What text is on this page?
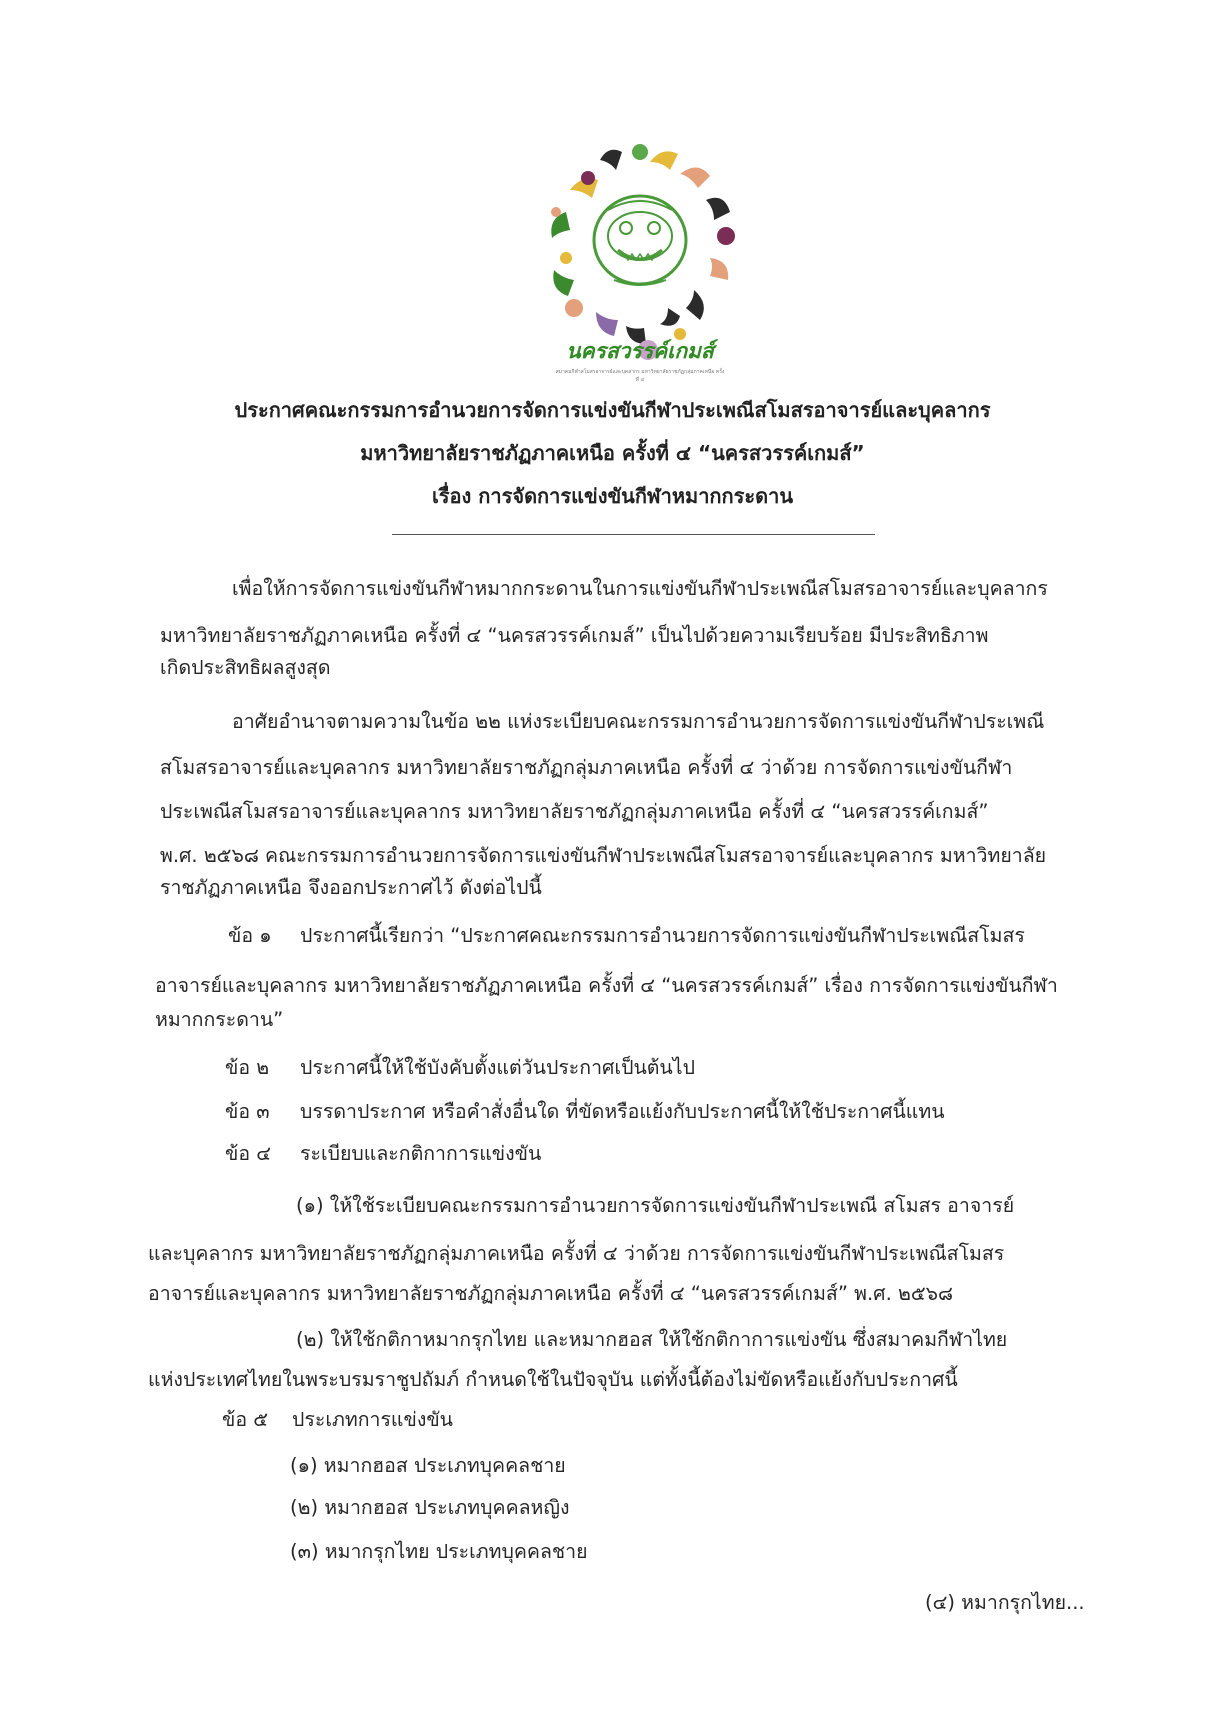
นครสวรรค์เกมส์
สมาคมกีฬาสโมสรอาจารย์และบุคลากร มหาวิทยาลัยราชภัฏกลุ่มภาคเหนือ ครั้งที่ ๔
ประกาศคณะกรรมการอำนวยการจัดการแข่งขันกีฬาประเพณีสโมสรอาจารย์และบุคลากร
มหาวิทยาลัยราชภัฏภาคเหนือ ครั้งที่ ๔ “นครสวรรค์เกมส์”
เรื่อง การจัดการแข่งขันกีฬาหมากกระดาน
เพื่อให้การจัดการแข่งขันกีฬาหมากกระดานในการแข่งขันกีฬาประเพณีสโมสรอาจารย์และบุคลากร
มหาวิทยาลัยราชภัฏภาคเหนือ ครั้งที่ ๔ “นครสวรรค์เกมส์” เป็นไปด้วยความเรียบร้อย มีประสิทธิภาพ
เกิดประสิทธิผลสูงสุด
อาศัยอำนาจตามความในข้อ ๒๒ แห่งระเบียบคณะกรรมการอำนวยการจัดการแข่งขันกีฬาประเพณี
สโมสรอาจารย์และบุคลากร มหาวิทยาลัยราชภัฏกลุ่มภาคเหนือ ครั้งที่ ๔ ว่าด้วย การจัดการแข่งขันกีฬา
ประเพณีสโมสรอาจารย์และบุคลากร มหาวิทยาลัยราชภัฏกลุ่มภาคเหนือ ครั้งที่ ๔ “นครสวรรค์เกมส์”
พ.ศ. ๒๕๖๘ คณะกรรมการอำนวยการจัดการแข่งขันกีฬาประเพณีสโมสรอาจารย์และบุคลากร มหาวิทยาลัย
ราชภัฏภาคเหนือ จึงออกประกาศไว้ ดังต่อไปนี้
ข้อ ๑ ประกาศนี้เรียกว่า “ประกาศคณะกรรมการอำนวยการจัดการแข่งขันกีฬาประเพณีสโมสร
อาจารย์และบุคลากร มหาวิทยาลัยราชภัฏภาคเหนือ ครั้งที่ ๔ “นครสวรรค์เกมส์” เรื่อง การจัดการแข่งขันกีฬา
หมากกระดาน”
ข้อ ๒ ประกาศนี้ให้ใช้บังคับตั้งแต่วันประกาศเป็นต้นไป
ข้อ ๓ บรรดาประกาศ หรือคำสั่งอื่นใด ที่ขัดหรือแย้งกับประกาศนี้ให้ใช้ประกาศนี้แทน
ข้อ ๔ ระเบียบและกติกาการแข่งขัน
(๑) ให้ใช้ระเบียบคณะกรรมการอำนวยการจัดการแข่งขันกีฬาประเพณี สโมสร อาจารย์
และบุคลากร มหาวิทยาลัยราชภัฏกลุ่มภาคเหนือ ครั้งที่ ๔ ว่าด้วย การจัดการแข่งขันกีฬาประเพณีสโมสร
อาจารย์และบุคลากร มหาวิทยาลัยราชภัฏกลุ่มภาคเหนือ ครั้งที่ ๔ “นครสวรรค์เกมส์” พ.ศ. ๒๕๖๘
(๒) ให้ใช้กติกาหมากรุกไทย และหมากฮอส ให้ใช้กติกาการแข่งขัน ซึ่งสมาคมกีฬาไทย
แห่งประเทศไทยในพระบรมราชูปถัมภ์ กำหนดใช้ในปัจจุบัน แต่ทั้งนี้ต้องไม่ขัดหรือแย้งกับประกาศนี้
ข้อ ๕ ประเภทการแข่งขัน
(๑) หมากฮอส ประเภทบุคคลชาย
(๒) หมากฮอส ประเภทบุคคลหญิง
(๓) หมากรุกไทย ประเภทบุคคลชาย
(๔) หมากรุกไทย...
